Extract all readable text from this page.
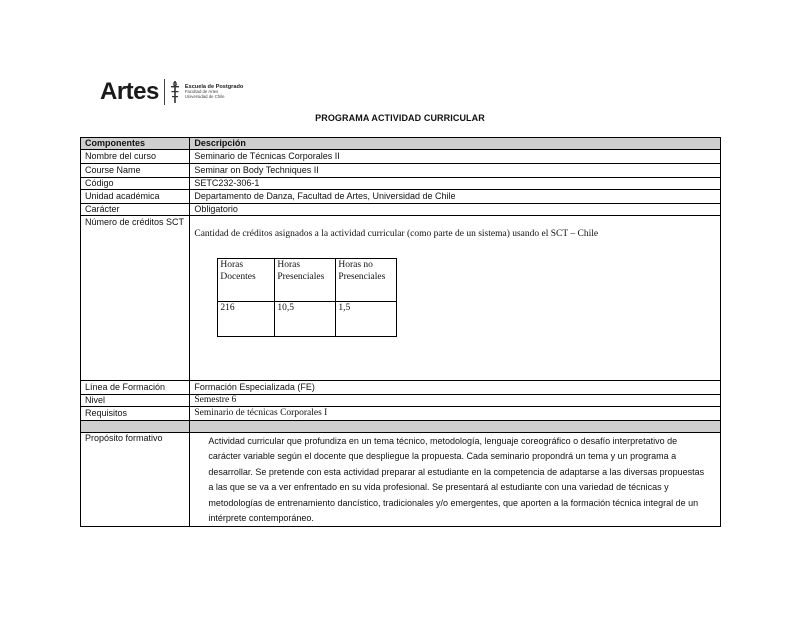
Artes	Escuela de Postgrado
Facultad de Artes
Universidad de Chile
PROGRAMA ACTIVIDAD CURRICULAR
Componentes	Descripción
Nombre del curso	Seminario de Técnicas Corporales II
Course Name	Seminar on Body Techniques II
Código	SETC232-306-1
Unidad académica	Departamento de Danza, Facultad de Artes, Universidad de Chile
Carácter	Obligatorio
Número de créditos SCT	
Cantidad de créditos asignados a la actividad curricular (como parte de un sistema) usando el SCT – Chile
Horas Docentes	Horas Presenciales	Horas no Presenciales
216	10,5	1,5

Línea de Formación	Formación Especializada (FE)
Nivel	Semestre 6
Requisitos	Seminario de técnicas Corporales I

Propósito formativo	Actividad curricular que profundiza en un tema técnico, metodología, lenguaje coreográfico o desafío interpretativo de carácter variable según el docente que despliegue la propuesta. Cada seminario propondrá un tema y un programa a desarrollar. Se pretende con esta actividad preparar al estudiante en la competencia de adaptarse a las diversas propuestas a las que se va a ver enfrentado en su vida profesional. Se presentará al estudiante con una variedad de técnicas y metodologías de entrenamiento dancístico, tradicionales y/o emergentes, que aporten a la formación técnica integral de un intérprete contemporáneo.
